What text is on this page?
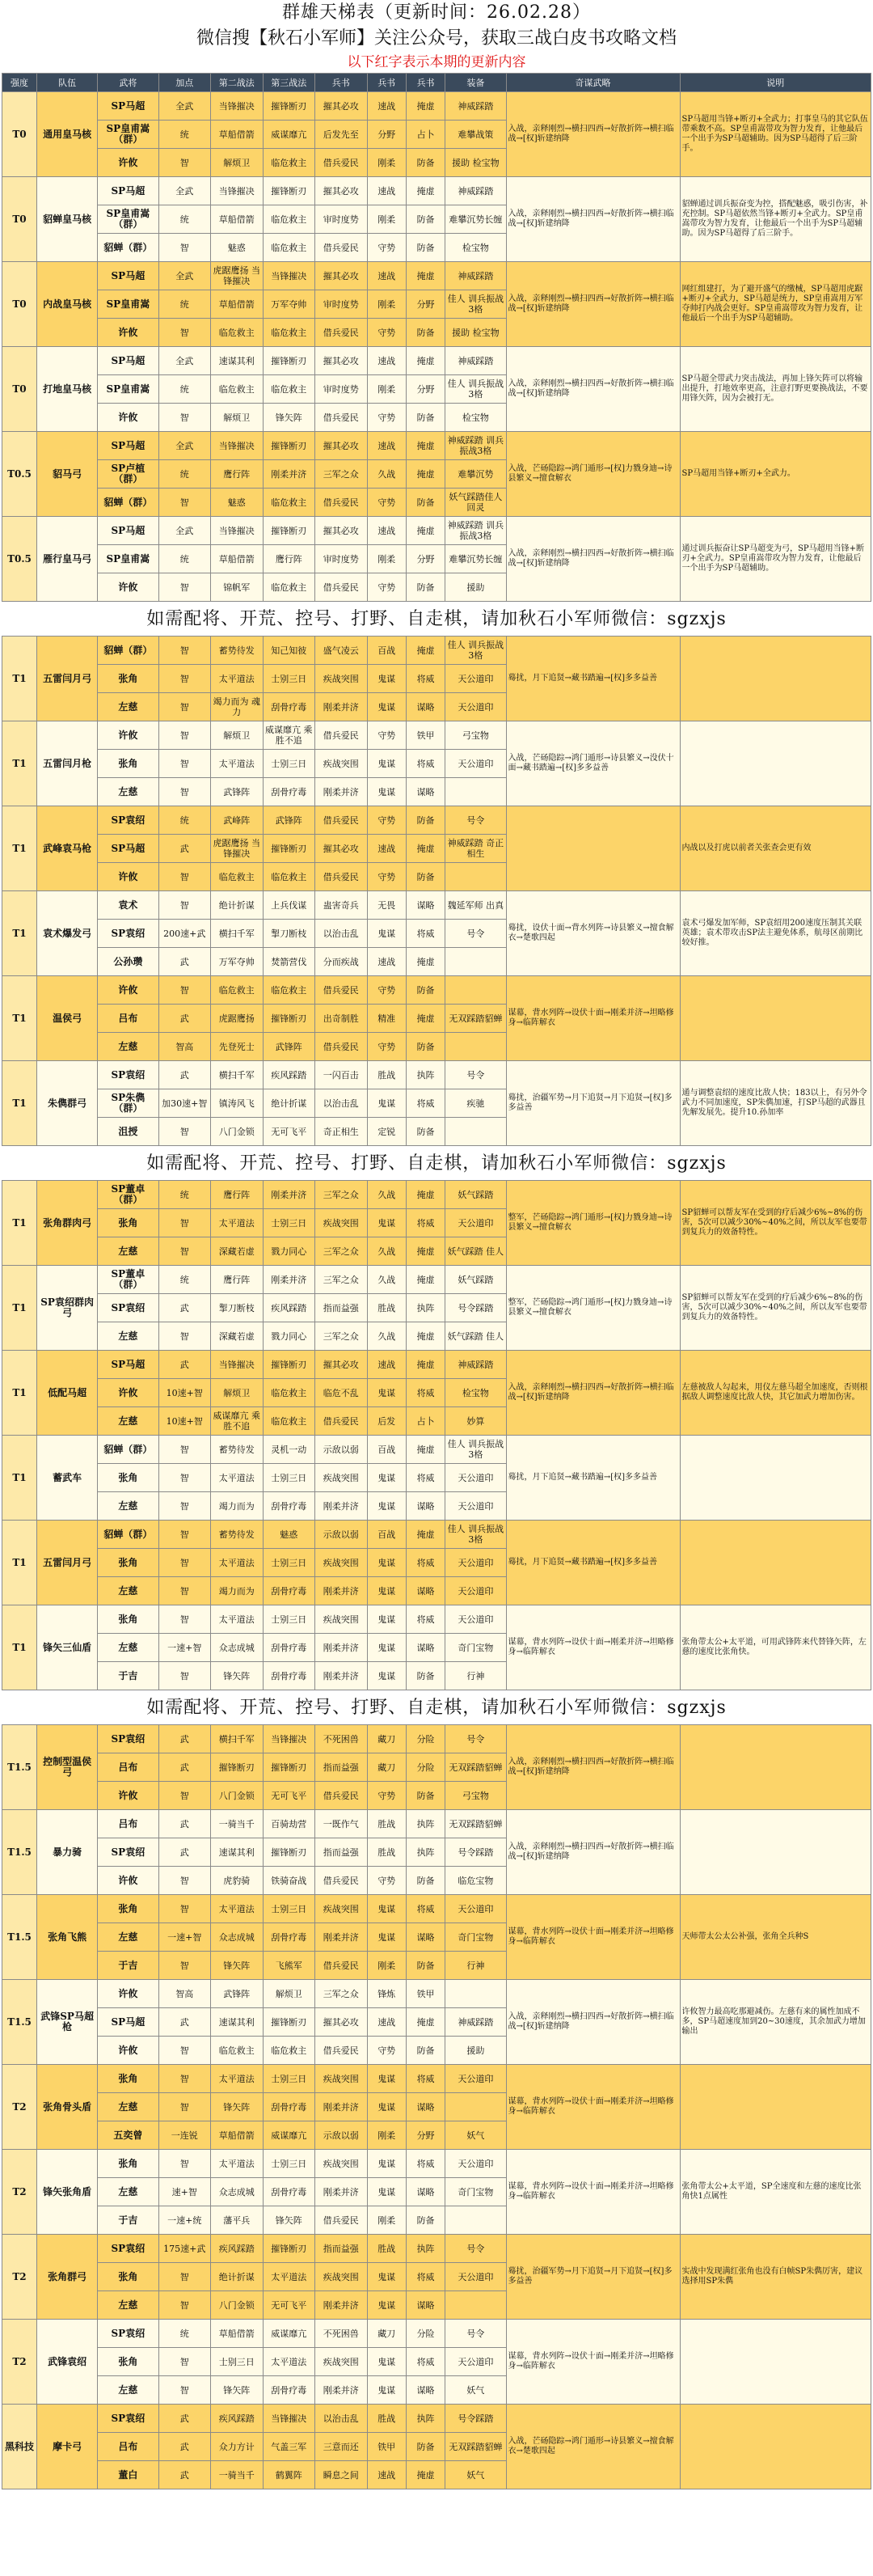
群雄天梯表（更新时间：26.02.28）
微信搜【秋石小军师】关注公众号，获取三战白皮书攻略文档
以下红字表示本期的更新内容
强度	队伍	武将	加点	第二战法	第三战法	兵书	兵书	兵书	装备	奇谋武略	说明
T0	通用皇马核	SP马超	全武	当锋摧决	摧锋断刃	摧其必攻	速战	掩虚	神威踩踏	入战，亲释刚烈→横扫四西→好散折阵→横扫临战→[权]斩建纳降	SP马超用当锋+断刃+全武力；打事皇马的其它队伍带乘数不高。SP皇甫嵩带攻为智力发育，让他最后一个出手为SP马超辅助。因为SP马超得了后三阶手。
		SP皇甫嵩（群）	统	草船借箭	威谋靡亢	后发先至	分野	占卜	难攀战策		
		许攸	智	解烦卫	临危救主	借兵爱民	刚柔	防备	援助 检宝物		
T0	貂蝉皇马核	SP马超	全武	当锋摧决	摧锋断刃	摧其必攻	速战	掩虚	神威踩踏	入战，亲释刚烈→横扫四西→好散折阵→横扫临战→[权]斩建纳降	貂蝉通过训兵振奋变为控，搭配魅惑，吸引伤害，补充控制。SP马超依然当锋+断刃+全武力。SP皇甫嵩带攻为智力发育，让他最后一个出手为SP马超辅助。因为SP马超得了后三阶手。
		SP皇甫嵩（群）	统	草船借箭	临危救主	审时度势	刚柔	防备	难攀沉势长缠		
		貂蝉（群）	智	魅惑	临危救主	借兵爱民	守势	防备	检宝物		
T0	内战皇马核	SP马超	全武	虎踞鹰扬 当锋摧决	当锋摧决	摧其必攻	速战	掩虚	神威踩踏	入战，亲释刚烈→横扫四西→好散折阵→横扫临战→[权]斩建纳降	网红组建打，为了避开盛气的缴械，SP马超用虎踞+断刃+全武力，SP马超是统力，SP皇甫嵩用万军夺帅打内战会更好。SP皇甫嵩带攻为智力发育，让他最后一个出手为SP马超辅助。
		SP皇甫嵩	统	草船借箭	万军夺帅	审时度势	刚柔	分野	佳人 训兵振战3格		
		许攸	智	临危救主	临危救主	借兵爱民	守势	防备	援助 检宝物		
T0	打地皇马核	SP马超	全武	速谋其利	摧锋断刃	摧其必攻	速战	掩虚	神威踩踏	入战，亲释刚烈→横扫四西→好散折阵→横扫临战→[权]斩建纳降	SP马超全带武力突击战法，再加上锋矢阵可以将输出提升，打地效率更高，注意打野更要换战法，不要用锋矢阵，因为会被打无。
		SP皇甫嵩	统	临危救主	临危救主	审时度势	刚柔	分野	佳人 训兵振战3格		
		许攸	智	解烦卫	锋矢阵	借兵爱民	守势	防备	检宝物		
T0.5	貂马弓	SP马超	全武	当锋摧决	摧锋断刃	摧其必攻	速战	掩虚	神威踩踏 训兵振战3格	入战，芒砀隐踪→鸿门遁形→[权]力戮身迪→诗县繁义→擅食解衣	SP马超用当锋+断刃+全武力。
		SP卢植（群）	统	鹰行阵	刚柔并济	三军之众	久战	掩虚	难攀沉势		
		貂蝉（群）	智	魅惑	临危救主	借兵爱民	守势	防备	妖气踩踏佳人 回灵		
T0.5	雁行皇马弓	SP马超	全武	当锋摧决	摧锋断刃	摧其必攻	速战	掩虚	神威踩踏 训兵振战3格	入战，亲释刚烈→横扫四西→好散折阵→横扫临战→[权]斩建纳降	通过训兵振奋让SP马超变为弓，SP马超用当锋+断刃+全武力。SP皇甫嵩带攻为智力发育，让他最后一个出手为SP马超辅助。
		SP皇甫嵩	统	草船借箭	鹰行阵	审时度势	刚柔	分野	难攀沉势长缠		
		许攸	智	锦帆军	临危救主	借兵爱民	守势	防备	援助		
如需配将、开荒、控号、打野、自走棋，请加秋石小军师微信：sgzxjs											
T1	五雷闫月弓	貂蝉（群）	智	蓄势待发	知己知彼	盛气凌云	百战	掩虚	佳人 训兵振战3格	蓦扰，月下追贤→藏书踏遍→[权]多多益善	
		张角	智	太平道法	士别三日	疾战突围	鬼谋	将威	天公道印		
		左慈	智	竭力而为 魂力	刮骨疗毒	刚柔并济	鬼谋	谋略	天公道印		
T1	五雷闫月枪	许攸	智	解烦卫	威谋靡亢 乘胜不追	借兵爱民	守势	铁甲	弓宝物	入战，芒砀隐踪→鸿门遁形→诗县繁义→没伏十面→藏书踏遍→[权]多多益善	
		张角	智	太平道法	士别三日	疾战突围	鬼谋	将威	天公道印		
		左慈	智	武锋阵	刮骨疗毒	刚柔并济	鬼谋	谋略			
T1	武峰袁马枪	SP袁绍	统	武峰阵	武锋阵	借兵爱民	守势	防备	号令		内战以及打虎以前者关张查会更有效
		SP马超	武	虎踞鹰扬 当锋摧决	摧锋断刃	摧其必攻	速战	掩虚	神威踩踏 奇正相生		
		许攸	智	临危救主	临危救主	借兵爱民	守势	防备			
T1	袁术爆发弓	袁术	智	绝计折谋	上兵伐谋	蛊害奇兵	无畏	谋略	魏延军师 出真	蓦扰，设伏十面→背水列阵→诗县繁义→擅食解衣→楚歌四起	袁术弓爆发加军师，SP袁绍用200速度压制其关联英雄；袁术带攻击SP法主避免体系，航母区前期比较好推。
		SP袁绍	200速+武	横扫千军	掣刀断枝	以治击乱	鬼谋	将威	号令		
		公孙瓒	武	万军夺帅	焚箭营伐	分而疾战	速战	掩虚			
T1	温侯弓	许攸	智	临危救主	临危救主	借兵爱民	守势	防备		谋幕，背水列阵→设伏十面→刚柔并济→坦略修身→临阵解衣	
		吕布	武	虎踞鹰扬	摧锋断刃	出奇制胜	精准	掩虚	无双踩踏貂蝉		
		左慈	智高	先登死士	武锋阵	借兵爱民	守势	防备			
T1	朱儁群弓	SP袁绍	武	横扫千军	疾风踩踏	一闪百击	胜战	执阵	号令	蓦扰，治疆军势→月下追贤→月下追贤→[权]多多益善	通与调整袁绍的速度比敌人快；183以上，有另外令武力不同加速度，SP朱儁加速，打SP马超的武器且先解发展先。提升10.孙加率
		SP朱儁（群）	加30速+智	镇涛风飞	绝计折谋	以治击乱	鬼谋	将威	疾驰		
		沮授	智	八门金锁	无可飞平	奇正相生	定锐	防备			
如需配将、开荒、控号、打野、自走棋，请加秋石小军师微信：sgzxjs											
T1	张角群肉弓	SP董卓（群）	统	鹰行阵	刚柔并济	三军之众	久战	掩虚	妖气踩踏	整军，芒砀隐踪→鸿门遁形→[权]力戮身迪→诗县繁义→擅食解衣	SP貂蝉可以帮友军在受到的疗后减少6%~8%的伤害，5次可以减少30%~40%之间，所以友军也要带到复兵力的效备特性。
		张角	智	太平道法	士别三日	疾战突围	鬼谋	将威	天公道印		
		左慈	智	深藏若虚	戮力同心	三军之众	久战	掩虚	妖气踩踏 佳人		
T1	SP袁绍群肉弓	SP董卓（群）	统	鹰行阵	刚柔并济	三军之众	久战	掩虚	妖气踩踏	整军，芒砀隐踪→鸿门遁形→[权]力戮身迪→诗县繁义→擅食解衣	SP貂蝉可以帮友军在受到的疗后减少6%~8%的伤害，5次可以减少30%~40%之间，所以友军也要带到复兵力的效备特性。
		SP袁绍	武	掣刀断枝	疾风踩踏	指而益强	胜战	执阵	号令踩踏		
		左慈	智	深藏若虚	戮力同心	三军之众	久战	掩虚	妖气踩踏 佳人		
T1	低配马超	SP马超	武	当锋摧决	摧锋断刃	摧其必攻	速战	掩虚	神威踩踏	入战，亲释刚烈→横扫四西→好散折阵→横扫临战→[权]斩建纳降	左慈被敌人勾起来，用仪左慈马超全加速度，否则根据敌人调整速度比敌人快，其它加武力增加伤害。
		许攸	10速+智	解烦卫	临危救主	临危不乱	鬼谋	将威	检宝物		
		左慈	10速+智	威谋靡亢 乘胜不追	临危救主	借兵爱民	后发	占卜	妙算		
T1	蓄武车	貂蝉（群）	智	蓄势待发	灵机一动	示敌以弱	百战	掩虚	佳人 训兵振战3格	蓦扰，月下追贤→藏书踏遍→[权]多多益善	
		张角	智	太平道法	士别三日	疾战突围	鬼谋	将威	天公道印		
		左慈	智	竭力而为	刮骨疗毒	刚柔并济	鬼谋	谋略	天公道印		
T1	五雷闫月弓	貂蝉（群）	智	蓄势待发	魅惑	示敌以弱	百战	掩虚	佳人 训兵振战3格	蓦扰，月下追贤→藏书踏遍→[权]多多益善	
		张角	智	太平道法	士别三日	疾战突围	鬼谋	将威	天公道印		
		左慈	智	竭力而为	刮骨疗毒	刚柔并济	鬼谋	谋略	天公道印		
T1	锋矢三仙盾	张角	智	太平道法	士别三日	疾战突围	鬼谋	将威	天公道印	谋幕，背水列阵→设伏十面→刚柔并济→坦略修身→临阵解衣	张角带太公+太平道，可用武锋阵来代替锋矢阵，左慈的速度比张角快。
		左慈	一速+智	众志成城	刮骨疗毒	刚柔并济	鬼谋	谋略	奇门宝物		
		于吉	智	锋矢阵	刮骨疗毒	刚柔并济	鬼谋	防备	行神		
如需配将、开荒、控号、打野、自走棋，请加秋石小军师微信：sgzxjs											
T1.5	控制型温侯弓	SP袁绍	武	横扫千军	当锋摧决	不死困兽	藏刀	分险	号令	入战，亲释刚烈→横扫四西→好散折阵→横扫临战→[权]斩建纳降	
		吕布	武	摧锋断刃	摧锋断刃	指而益强	藏刀	分险	无双踩踏貂蝉		
		许攸	智	八门金锁	无可飞平	借兵爱民	守势	防备	弓宝物		
T1.5	暴力骑	吕布	武	一骑当千	百骑劫营	一既作气	胜战	执阵	无双踩踏貂蝉	入战，亲释刚烈→横扫四西→好散折阵→横扫临战→[权]斩建纳降	
		SP袁绍	武	速谋其利	摧锋断刃	指而益强	胜战	执阵	号令踩踏		
		许攸	智	虎豹骑	铁骑奋战	借兵爱民	守势	防备	临危宝物		
T1.5	张角飞熊	张角	智	太平道法	士别三日	疾战突围	鬼谋	将威	天公道印	谋幕，背水列阵→设伏十面→刚柔并济→坦略修身→临阵解衣	天师带太公太公补强，张角全兵种S
		左慈	一速+智	众志成城	刮骨疗毒	刚柔并济	鬼谋	谋略	奇门宝物		
		于吉	智	锋矢阵	飞熊军	借兵爱民	刚柔	防备	行神		
T1.5	武锋SP马超枪	许攸	智高	武锋阵	解烦卫	三军之众	锋炼	铁甲		入战，亲释刚烈→横扫四西→好散折阵→横扫临战→[权]斩建纳降	许攸智力最高吃那避减伤。左慈有来的属性加成不多，SP马超速度加到20~30速度，其余加武力增加输出
		SP马超	武	速谋其利	摧锋断刃	摧其必攻	速战	掩虚	神威踩踏		
		许攸	智	临危救主	临危救主	借兵爱民	守势	防备	援助		
T2	张角骨头盾	张角	智	太平道法	士别三日	疾战突围	鬼谋	将威	天公道印	谋幕，背水列阵→设伏十面→刚柔并济→坦略修身→临阵解衣	
		左慈	智	锋矢阵	刮骨疗毒	刚柔并济	鬼谋	谋略			
		五奕曾	一连锐	草船借箭	威谋靡亢	示敌以弱	刚柔	分野	妖气		
T2	锋矢张角盾	张角	智	太平道法	士别三日	疾战突围	鬼谋	将威	天公道印	谋幕，背水列阵→设伏十面→刚柔并济→坦略修身→临阵解衣	张角带太公+太平道，SP全速度和左慈的速度比张角快1点属性
		左慈	速+智	众志成城	刮骨疗毒	刚柔并济	鬼谋	谋略	奇门宝物		
		于吉	一速+统	藩平兵	锋矢阵	借兵爱民	刚柔	防备			
T2	张角群弓	SP袁绍	175速+武	疾风踩踏	摧锋断刃	指而益强	胜战	执阵	号令	蓦扰，治疆军势→月下追贤→月下追贤→[权]多多益善	实战中发现满红张角也没有白帧SP朱儁厉害，建议选择用SP朱儁
		张角	智	绝计折谋	太平道法	疾战突围	鬼谋	将威	天公道印		
		左慈	智	八门金锁	无可飞平	刚柔并济	鬼谋	谋略			
T2	武锋袁绍	SP袁绍	统	草船借箭	威谋靡亢	不死困兽	藏刀	分险	号令	谋幕，背水列阵→设伏十面→刚柔并济→坦略修身→临阵解衣	
		张角	智	士别三日	太平道法	疾战突围	鬼谋	将威	天公道印		
		左慈	智	锋矢阵	刮骨疗毒	刚柔并济	鬼谋	谋略	妖气		
黑科技	摩卡弓	SP袁绍	武	疾风踩踏	当锋摧决	以治击乱	胜战	执阵	号令踩踏	入战，芒砀隐踪→鸿门遁形→诗县繁义→擅食解衣→楚歌四起	
		吕布	武	众力方计	气盖三军	三意而还	铁甲	防备	无双踩踏貂蝉		
		董白	武	一骑当千	鹤翼阵	瞬息之间	速战	掩虚	妖气		
